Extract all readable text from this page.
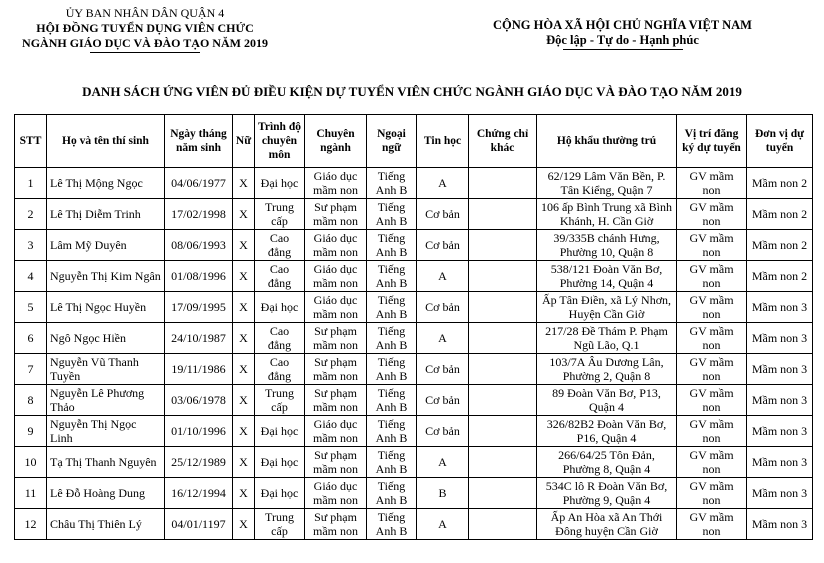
ỦY BAN NHÂN DÂN QUẬN 4
HỘI ĐỒNG TUYỂN DỤNG VIÊN CHỨC
NGÀNH GIÁO DỤC VÀ ĐÀO TẠO NĂM 2019
CỘNG HÒA XÃ HỘI CHỦ NGHĨA VIỆT NAM
Độc lập - Tự do - Hạnh phúc
DANH SÁCH ỨNG VIÊN ĐỦ ĐIỀU KIỆN DỰ TUYỂN VIÊN CHỨC NGÀNH GIÁO DỤC VÀ ĐÀO TẠO NĂM 2019
STT	Họ và tên thí sinh	Ngày tháng năm sinh	Nữ	Trình độ chuyên môn	Chuyên ngành	Ngoại ngữ	Tin học	Chứng chỉ khác	Hộ khẩu thường trú	Vị trí đăng ký dự tuyển	Đơn vị dự tuyển
1	Lê Thị Mộng Ngọc	04/06/1977	X	Đại học	Giáo dục mầm non	Tiếng Anh B	A		62/129 Lâm Văn Bền, P. Tân Kiểng, Quận 7	GV mầm non	Mầm non 2
2	Lê Thị Diễm Trinh	17/02/1998	X	Trung cấp	Sư phạm mầm non	Tiếng Anh B	Cơ bản		106 ấp Bình Trung xã Bình Khánh, H. Cần Giờ	GV mầm non	Mầm non 2
3	Lâm Mỹ Duyên	08/06/1993	X	Cao đẳng	Giáo dục mầm non	Tiếng Anh B	Cơ bản		39/335B chánh Hưng, Phường 10, Quận 8	GV mầm non	Mầm non 2
4	Nguyễn Thị Kim Ngân	01/08/1996	X	Cao đẳng	Giáo dục mầm non	Tiếng Anh B	A		538/121 Đoàn Văn Bơ, Phường 14, Quận 4	GV mầm non	Mầm non 2
5	Lê Thị Ngọc Huyền	17/09/1995	X	Đại học	Giáo dục mầm non	Tiếng Anh B	Cơ bản		Ấp Tân Điền, xã Lý Nhơn, Huyện Cần Giờ	GV mầm non	Mầm non 3
6	Ngô Ngọc Hiền	24/10/1987	X	Cao đẳng	Sư phạm mầm non	Tiếng Anh B	A		217/28 Đề Thám P. Phạm Ngũ Lão, Q.1	GV mầm non	Mầm non 3
7	Nguyễn Vũ Thanh Tuyền	19/11/1986	X	Cao đẳng	Sư phạm mầm non	Tiếng Anh B	Cơ bản		103/7A Âu Dương Lân, Phường 2, Quận 8	GV mầm non	Mầm non 3
8	Nguyễn Lê Phương Thảo	03/06/1978	X	Trung cấp	Sư phạm mầm non	Tiếng Anh B	Cơ bản		89 Đoàn Văn Bơ, P13, Quận 4	GV mầm non	Mầm non 3
9	Nguyễn Thị Ngọc Linh	01/10/1996	X	Đại học	Giáo dục mầm non	Tiếng Anh B	Cơ bản		326/82B2 Đoàn Văn Bơ, P16, Quận 4	GV mầm non	Mầm non 3
10	Tạ Thị Thanh Nguyên	25/12/1989	X	Đại học	Sư phạm mầm non	Tiếng Anh B	A		266/64/25 Tôn Đản, Phường 8, Quận 4	GV mầm non	Mầm non 3
11	Lê Đỗ Hoàng Dung	16/12/1994	X	Đại học	Giáo dục mầm non	Tiếng Anh B	B		534C lô R Đoàn Văn Bơ, Phường 9, Quận 4	GV mầm non	Mầm non 3
12	Châu Thị Thiên Lý	04/01/1197	X	Trung cấp	Sư phạm mầm non	Tiếng Anh B	A		Ấp An Hòa xã An Thới Đông huyện Cần Giờ	GV mầm non	Mầm non 3
